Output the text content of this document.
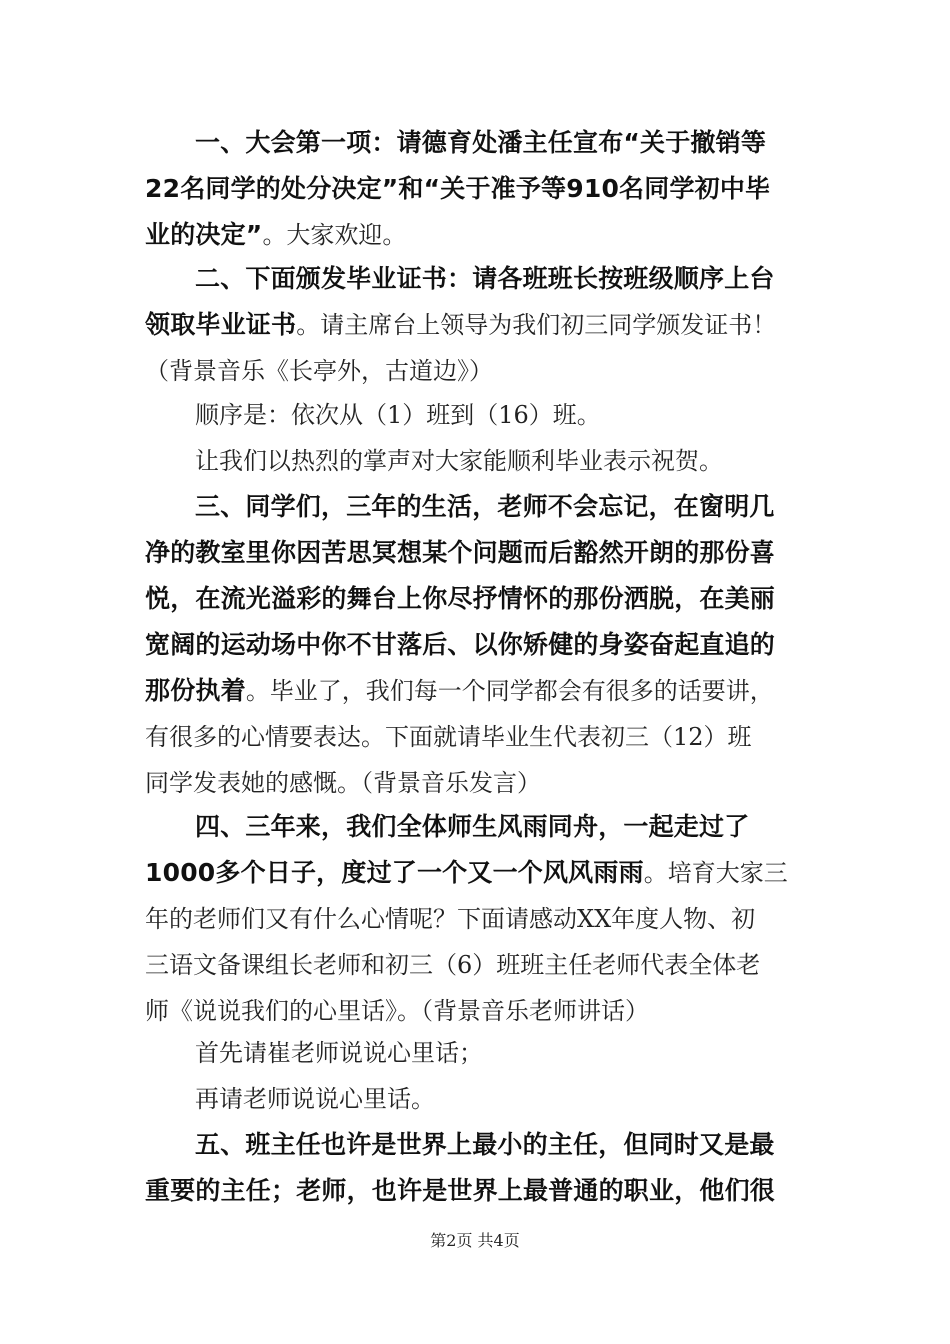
一、大会第一项：请德育处潘主任宣布“关于撤销等
22名同学的处分决定”和“关于准予等910名同学初中毕
业的决定”。大家欢迎。
二、下面颁发毕业证书：请各班班长按班级顺序上台
领取毕业证书。请主席台上领导为我们初三同学颁发证书！
（背景音乐《长亭外，古道边》）
顺序是：依次从（1）班到（16）班。
让我们以热烈的掌声对大家能顺利毕业表示祝贺。
三、同学们，三年的生活，老师不会忘记，在窗明几
净的教室里你因苦思冥想某个问题而后豁然开朗的那份喜
悦，在流光溢彩的舞台上你尽抒情怀的那份洒脱，在美丽
宽阔的运动场中你不甘落后、以你矫健的身姿奋起直追的
那份执着。毕业了，我们每一个同学都会有很多的话要讲，
有很多的心情要表达。下面就请毕业生代表初三（12）班
同学发表她的感慨。（背景音乐发言）
四、三年来，我们全体师生风雨同舟，一起走过了
1000多个日子，度过了一个又一个风风雨雨。培育大家三
年的老师们又有什么心情呢？下面请感动XX年度人物、初
三语文备课组长老师和初三（6）班班主任老师代表全体老
师《说说我们的心里话》。（背景音乐老师讲话）
首先请崔老师说说心里话；
再请老师说说心里话。
五、班主任也许是世界上最小的主任，但同时又是最
重要的主任；老师，也许是世界上最普通的职业，他们很
第2页 共4页
